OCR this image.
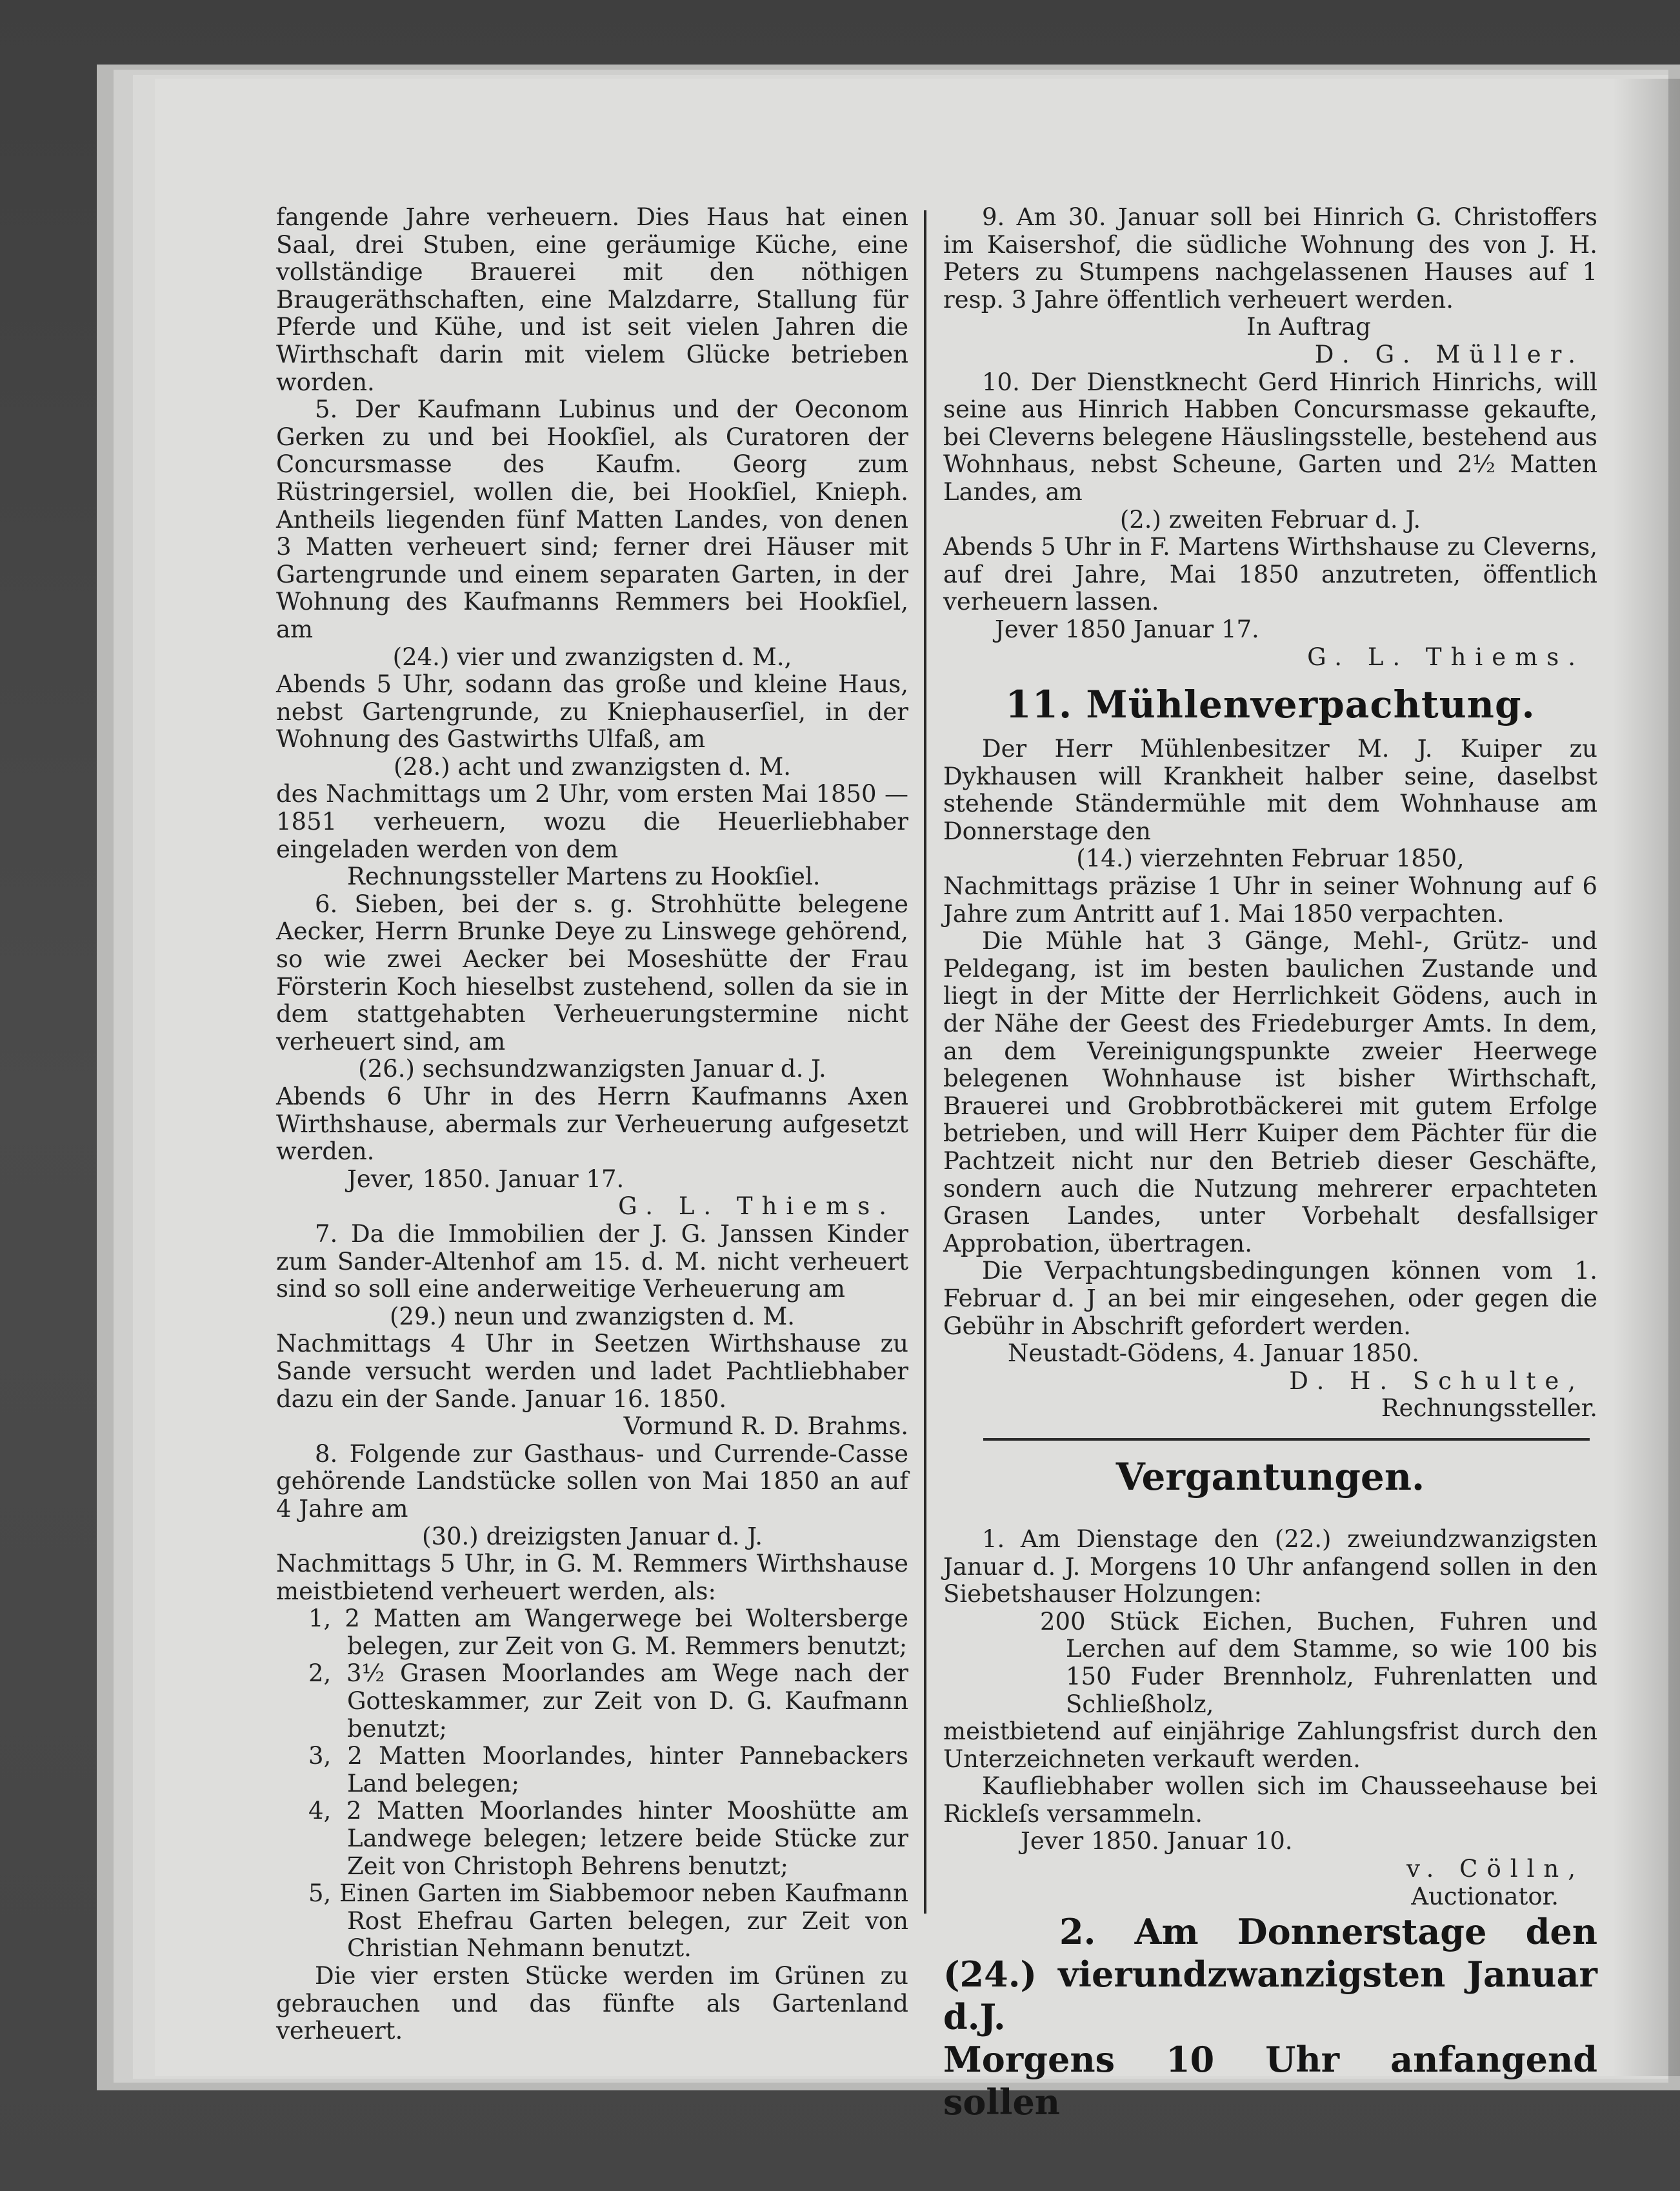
fangende Jahre verheuern. Dies Haus hat einen Saal, drei Stuben, eine geräumige Küche, eine vollständige Brauerei mit den nöthigen Braugeräthschaften, eine Malzdarre, Stallung für Pferde und Kühe, und ist seit vielen Jahren die Wirthschaft darin mit vielem Glücke betrieben worden.

5. Der Kaufmann Lubinus und der Oeconom Gerken zu und bei Hookſiel, als Curatoren der Concursmasse des Kaufm. Georg zum Rüstringersiel, wollen die, bei Hookſiel, Knieph. Antheils liegenden fünf Matten Landes, von denen 3 Matten verheuert sind; ferner drei Häuser mit Gartengrunde und einem separaten Garten, in der Wohnung des Kaufmanns Remmers bei Hookſiel, am

(24.) vier und zwanzigsten d. M.,

Abends 5 Uhr, sodann das große und kleine Haus, nebst Gartengrunde, zu Kniephauserſiel, in der Wohnung des Gastwirths Ulfaß, am

(28.) acht und zwanzigsten d. M.

des Nachmittags um 2 Uhr, vom ersten Mai 1850 — 1851 verheuern, wozu die Heuerliebhaber eingeladen werden von dem

Rechnungssteller Martens zu Hookſiel.

6. Sieben, bei der s. g. Strohhütte belegene Aecker, Herrn Brunke Deye zu Linswege gehörend, so wie zwei Aecker bei Moseshütte der Frau Försterin Koch hieselbst zustehend, sollen da sie in dem stattgehabten Verheuerungstermine nicht verheuert sind, am

(26.) sechsundzwanzigsten Januar d. J.

Abends 6 Uhr in des Herrn Kaufmanns Axen Wirthshause, abermals zur Verheuerung aufgesetzt werden.

Jever, 1850. Januar 17.

G. L. Thiems.

7. Da die Immobilien der J. G. Janssen Kinder zum Sander-Altenhof am 15. d. M. nicht verheuert sind so soll eine anderweitige Verheuerung am

(29.) neun und zwanzigsten d. M.

Nachmittags 4 Uhr in Seetzen Wirthshause zu Sande versucht werden und ladet Pachtliebhaber dazu ein der Sande. Januar 16. 1850.

Vormund R. D. Brahms.

8. Folgende zur Gasthaus- und Currende-Casse gehörende Landstücke sollen von Mai 1850 an auf 4 Jahre am

(30.) dreizigsten Januar d. J.

Nachmittags 5 Uhr, in G. M. Remmers Wirthshause meistbietend verheuert werden, als:

1, 2 Matten am Wangerwege bei Woltersberge belegen, zur Zeit von G. M. Remmers benutzt;

2, 3½ Grasen Moorlandes am Wege nach der Gotteskammer, zur Zeit von D. G. Kaufmann benutzt;

3, 2 Matten Moorlandes, hinter Pannebackers Land belegen;

4, 2 Matten Moorlandes hinter Mooshütte am Landwege belegen; letzere beide Stücke zur Zeit von Christoph Behrens benutzt;

5, Einen Garten im Siabbemoor neben Kaufmann Rost Ehefrau Garten belegen, zur Zeit von Christian Nehmann benutzt.

Die vier ersten Stücke werden im Grünen zu gebrauchen und das fünfte als Gartenland verheuert.

9. Am 30. Januar soll bei Hinrich G. Christoffers im Kaisershof, die südliche Wohnung des von J. H. Peters zu Stumpens nachgelassenen Hauses auf 1 resp. 3 Jahre öffentlich verheuert werden.

In Auftrag

D. G. Müller.

10. Der Dienstknecht Gerd Hinrich Hinrichs, will seine aus Hinrich Habben Concursmasse gekaufte, bei Cleverns belegene Häuslingsstelle, bestehend aus Wohnhaus, nebst Scheune, Garten und 2½ Matten Landes, am

(2.) zweiten Februar d. J.

Abends 5 Uhr in F. Martens Wirthshause zu Cleverns, auf drei Jahre, Mai 1850 anzutreten, öffentlich verheuern lassen.

Jever 1850 Januar 17.

G. L. Thiems.

11. Mühlenverpachtung.

Der Herr Mühlenbesitzer M. J. Kuiper zu Dykhausen will Krankheit halber seine, daselbst stehende Ständermühle mit dem Wohnhause am Donnerstage den

(14.) vierzehnten Februar 1850,

Nachmittags präzise 1 Uhr in seiner Wohnung auf 6 Jahre zum Antritt auf 1. Mai 1850 verpachten.

Die Mühle hat 3 Gänge, Mehl-, Grütz- und Peldegang, ist im besten baulichen Zustande und liegt in der Mitte der Herrlichkeit Gödens, auch in der Nähe der Geest des Friedeburger Amts. In dem, an dem Vereinigungspunkte zweier Heerwege belegenen Wohnhause ist bisher Wirthschaft, Brauerei und Grobbrotbäckerei mit gutem Erfolge betrieben, und will Herr Kuiper dem Pächter für die Pachtzeit nicht nur den Betrieb dieser Geschäfte, sondern auch die Nutzung mehrerer erpachteten Grasen Landes, unter Vorbehalt desfallsiger Approbation, übertragen.

Die Verpachtungsbedingungen können vom 1. Februar d. J an bei mir eingesehen, oder gegen die Gebühr in Abschrift gefordert werden.

Neustadt-Gödens, 4. Januar 1850.

D. H. Schulte,

Rechnungssteller.

Vergantungen.

1. Am Dienstage den (22.) zweiundzwanzigsten Januar d. J. Morgens 10 Uhr anfangend sollen in den Siebetshauser Holzungen:

200 Stück Eichen, Buchen, Fuhren und Lerchen auf dem Stamme, so wie 100 bis 150 Fuder Brennholz, Fuhrenlatten und Schließholz,

meistbietend auf einjährige Zahlungsfrist durch den Unterzeichneten verkauft werden.

Kaufliebhaber wollen sich im Chausseehause bei Rickleſs versammeln.

Jever 1850. Januar 10.

v. Cölln,

Auctionator.

2. Am Donnerstage den

(24.) vierundzwanzigsten Januar d.J.

Morgens 10 Uhr anfangend sollen
